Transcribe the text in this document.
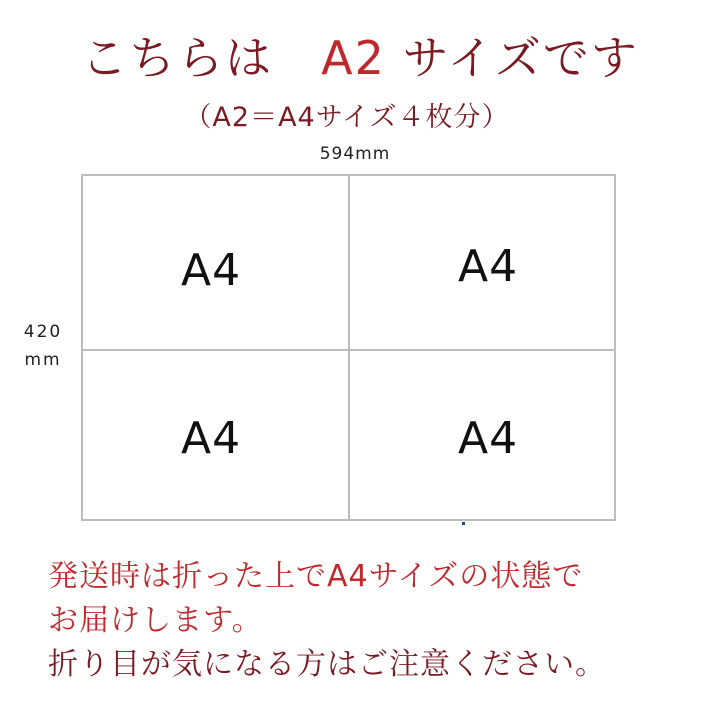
こちらは　A2 サイズです
（A2＝A4サイズ４枚分）
594mm
420
mm
A4	A4
A4	A4
発送時は折った上でA4サイズの状態で
お届けします。
折り目が気になる方はご注意ください。
